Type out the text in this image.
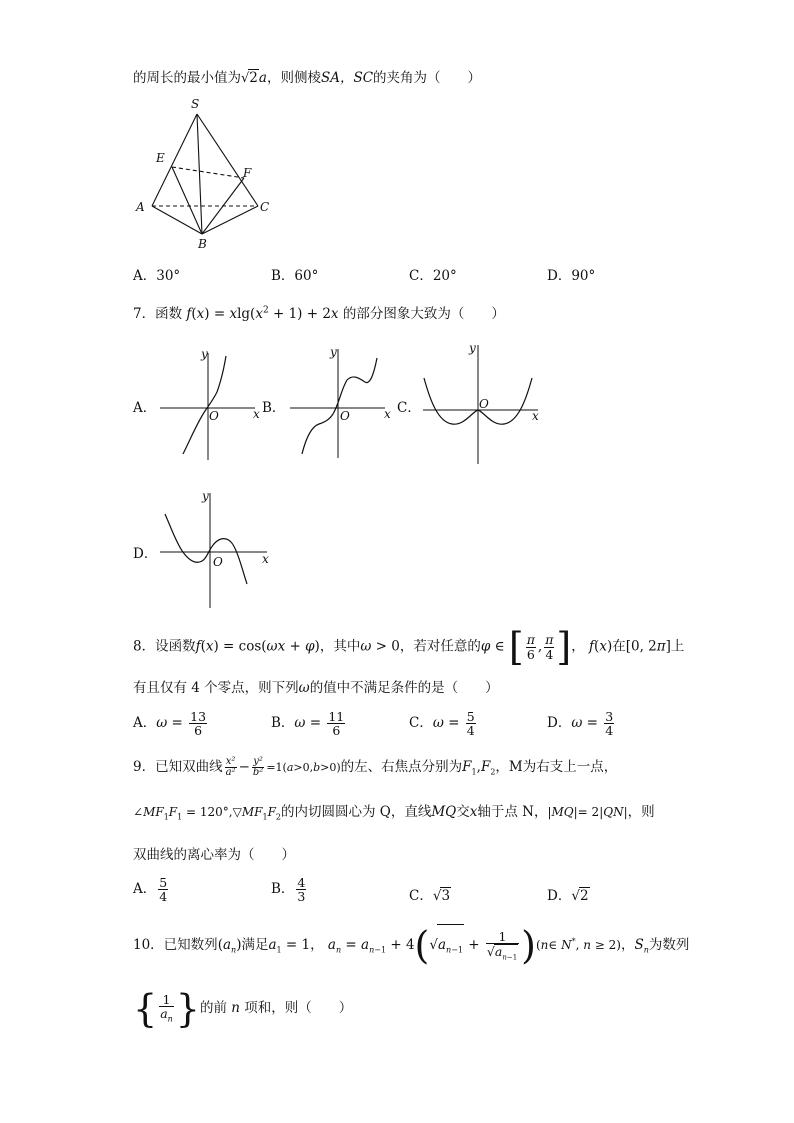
的周长的最小值为√2a，则侧棱SA，SC的夹角为（　　）
S
E
F
A	C
B
A．30°	B．60°	C．20°	D．90°
7．函数 $f(x) = xlg(x^2 + 1) + 2x$ 的部分图象大致为（　　）
A．
y
x
O	B．
y
x
O	C．
y
x
O
D．
y
x
O
8．设函数f(x) = cos(ωx + φ)，其中ω > 0，若对任意的φ ∈ [ $\frac{\pi}{6}$ , $\frac{\pi}{4}$ ]， f(x)在[0, 2π]上
有且仅有 4 个零点，则下列ω的值中不满足条件的是（　　）
A．$\omega = \frac{13}{6}$	B．$\omega = \frac{11}{6}$	C．$\omega = \frac{5}{4}$	D．$\omega = \frac{3}{4}$
9．已知双曲线 $\frac{\text{x²}}{\text{a²}} - \frac{\text{y²}}{\text{b²}} =1(a>0,b>0)$的左、右焦点分别为$F_1,F_2$，M为右支上一点，
$\angle MF_1F_1$ = $120^\circ,▽MF_1F_2$的内切圆圆心为 Q，直线MQ交x轴于点 N，|MQ|= 2|QN|，则
双曲线的离心率为（　　）
A． $\frac{5}{4}$	B． $\frac{4}{3}$	C．√3	D．√2
10．已知数列$(a_n)$满足$a_1 = 1$， $a_n = a_{n-1} + 4(√a_{n-1} + \frac{1}{√a_{n-1}}$ )(n∈ N*, n ≥ 2)，$S_n$为数列
{ $\frac{1}{a_n}$ }的前 n 项和，则（　　）
